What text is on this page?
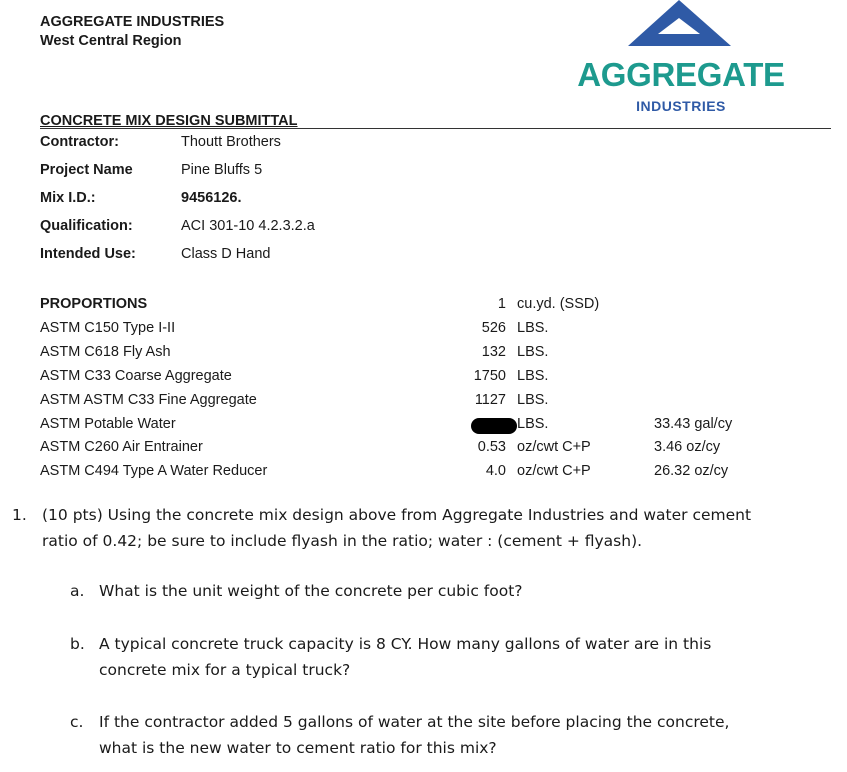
AGGREGATE INDUSTRIES
West Central Region
AGGREGATE
INDUSTRIES
CONCRETE MIX DESIGN SUBMITTAL
Contractor:	Thoutt Brothers
Project Name	Pine Bluffs 5
Mix I.D.:	9456126.
Qualification:	ACI 301-10 4.2.3.2.a
Intended Use:	Class D Hand
PROPORTIONS	1 cu.yd. (SSD)
ASTM C150 Type I-II	526 LBS.
ASTM C618 Fly Ash	132 LBS.
ASTM C33 Coarse Aggregate	1750 LBS.
ASTM ASTM C33 Fine Aggregate	1127 LBS.
ASTM Potable Water	LBS.	33.43 gal/cy
ASTM C260 Air Entrainer	0.53 oz/cwt C+P	3.46 oz/cy
ASTM C494 Type A Water Reducer	4.0 oz/cwt C+P	26.32 oz/cy
1. (10 pts) Using the concrete mix design above from Aggregate Industries and water cement
ratio of 0.42; be sure to include flyash in the ratio; water : (cement + flyash).
a. What is the unit weight of the concrete per cubic foot?
b. A typical concrete truck capacity is 8 CY. How many gallons of water are in this
concrete mix for a typical truck?
c. If the contractor added 5 gallons of water at the site before placing the concrete,
what is the new water to cement ratio for this mix?
